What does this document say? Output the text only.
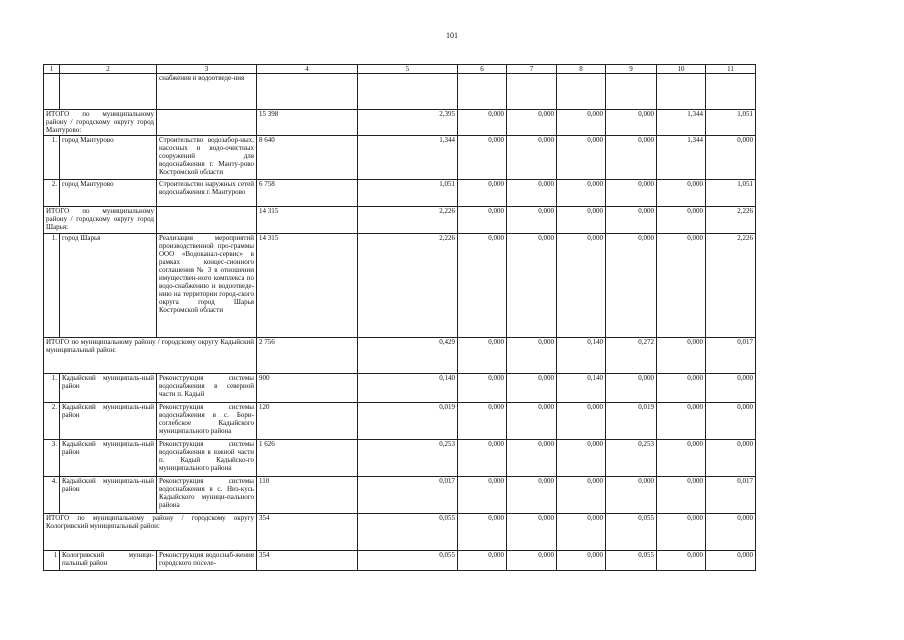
101
1	2	3	4	5	6	7	8	9	10	11
		снабжения и водоотведе-ния								
ИТОГО по муниципальному району / городскому округу город Мантурово:			15 398	2,395	0,000	0,000	0,000	0,000	1,344	1,051
1.	город Мантурово	Строительство водозабор-ных, насосных и водо-очистных сооружений для водоснабжения г. Манту-рово Костромской области	8 640	1,344	0,000	0,000	0,000	0,000	1,344	0,000
2.	город Мантурово	Строительство наружных сетей водоснабжения г. Мантурово	6 758	1,051	0,000	0,000	0,000	0,000	0,000	1,051
ИТОГО по муниципальному району / городскому округу город Шарья:			14 315	2,226	0,000	0,000	0,000	0,000	0,000	2,226
1.	город Шарья	Реализация мероприятий производственной про-граммы ООО «Водоканал-сервис» в рамках концес-сионного соглашения № 3 в отношении имуществен-ного комплекса по водо-снабжению и водоотведе-нию на территории город-ского округа город Шарья Костромской области	14 315	2,226	0,000	0,000	0,000	0,000	0,000	2,226
ИТОГО по муниципальному району / городскому округу Кадыйский муниципальный район:			2 756	0,429	0,000	0,000	0,140	0,272	0,000	0,017
1.	Кадыйский муниципаль-ный район	Реконструкция системы водоснабжения в северной части п. Кадый	900	0,140	0,000	0,000	0,140	0,000	0,000	0,000
2.	Кадыйский муниципаль-ный район	Реконструкция системы водоснабжения в с. Бори-согле́бское Кадыйского муниципального района	120	0,019	0,000	0,000	0,000	0,019	0,000	0,000
3.	Кадыйский муниципаль-ный район	Реконструкция системы водоснабжения в южной части п. Кадый Кадыйско-го муниципального района	1 626	0,253	0,000	0,000	0,000	0,253	0,000	0,000
4.	Кадыйский муниципаль-ный район	Реконструкция системы водоснабжения в с. Низ-кусь Кадыйского муници-пального района	110	0,017	0,000	0,000	0,000	0,000	0,000	0,017
ИТОГО по муниципальному району / городскому округу Кологривский муниципальный район:			354	0,055	0,000	0,000	0,000	0,055	0,000	0,000
1	Кологривский муници-пальный район	Реконструкция водоснаб-жения городского поселе-	354	0,055	0,000	0,000	0,000	0,055	0,000	0,000
